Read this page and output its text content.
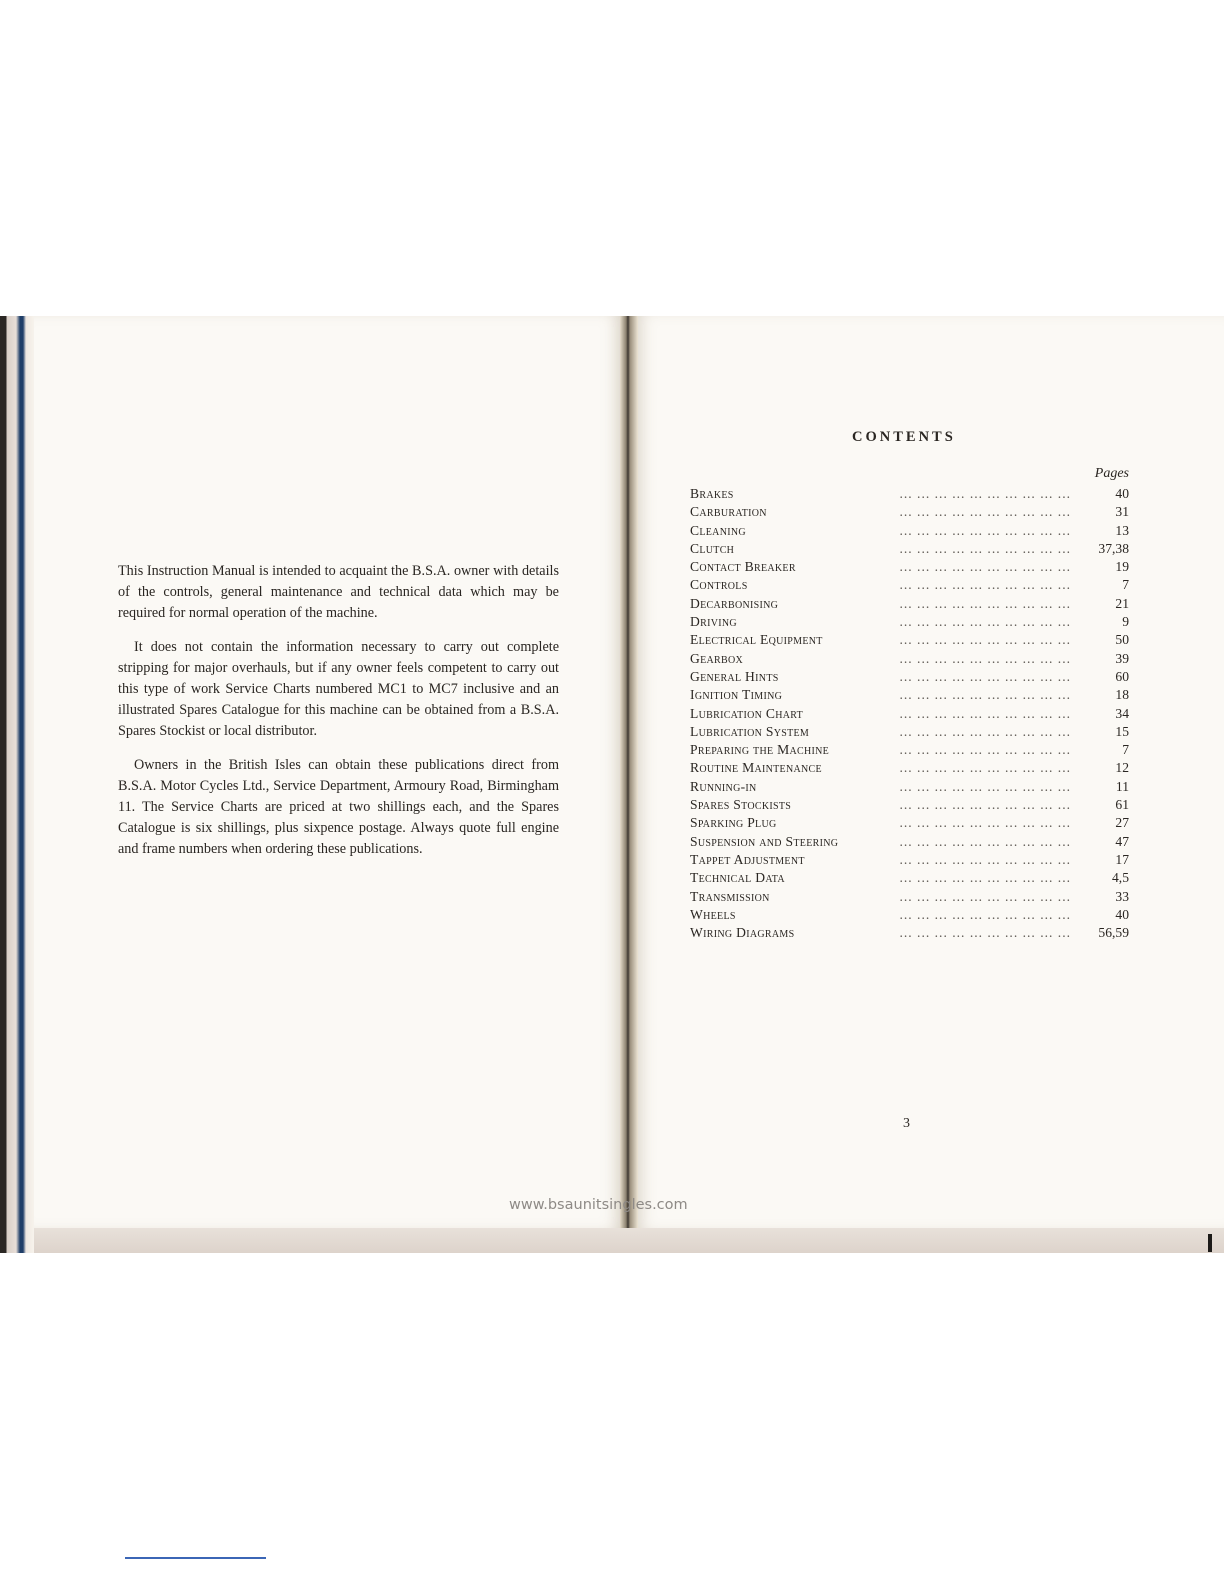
This Instruction Manual is intended to acquaint the B.S.A. owner with details of the controls, general maintenance and technical data which may be required for normal operation of the machine.

It does not contain the information necessary to carry out complete stripping for major overhauls, but if any owner feels competent to carry out this type of work Service Charts numbered MC1 to MC7 inclusive and an illustrated Spares Catalogue for this machine can be obtained from a B.S.A. Spares Stockist or local distributor.

Owners in the British Isles can obtain these publications direct from B.S.A. Motor Cycles Ltd., Service Department, Armoury Road, Birmingham 11. The Service Charts are priced at two shillings each, and the Spares Catalogue is six shillings, plus sixpence postage. Always quote full engine and frame numbers when ordering these publications.

CONTENTS
Pages
Brakes	... ... ... ... ... ... ... ... ... ...	40
Carburation	... ... ... ... ... ... ... ... ... ...	31
Cleaning	... ... ... ... ... ... ... ... ... ...	13
Clutch	... ... ... ... ... ... ... ... ... ... 37,38
Contact Breaker	... ... ... ... ... ... ... ... ... ...	19
Controls	... ... ... ... ... ... ... ... ... ...	7
Decarbonising	... ... ... ... ... ... ... ... ... ...	21
Driving	... ... ... ... ... ... ... ... ... ...	9
Electrical Equipment	... ... ... ... ... ... ... ... ... ...	50
Gearbox	... ... ... ... ... ... ... ... ... ...	39
General Hints	... ... ... ... ... ... ... ... ... ...	60
Ignition Timing	... ... ... ... ... ... ... ... ... ...	18
Lubrication Chart	... ... ... ... ... ... ... ... ... ...	34
Lubrication System	... ... ... ... ... ... ... ... ... ...	15
Preparing the Machine	... ... ... ... ... ... ... ... ... ...	7
Routine Maintenance	... ... ... ... ... ... ... ... ... ...	12
Running-in	... ... ... ... ... ... ... ... ... ...	11
Spares Stockists	... ... ... ... ... ... ... ... ... ...	61
Sparking Plug	... ... ... ... ... ... ... ... ... ...	27
Suspension and Steering	... ... ... ... ... ... ... ... ... ...	47
Tappet Adjustment	... ... ... ... ... ... ... ... ... ...	17
Technical Data	... ... ... ... ... ... ... ... ... ...	4,5
Transmission	... ... ... ... ... ... ... ... ... ...	33
Wheels	... ... ... ... ... ... ... ... ... ...	40
Wiring Diagrams	... ... ... ... ... ... ... ... ... ... 56,59
3
www.bsaunitsingles.com
